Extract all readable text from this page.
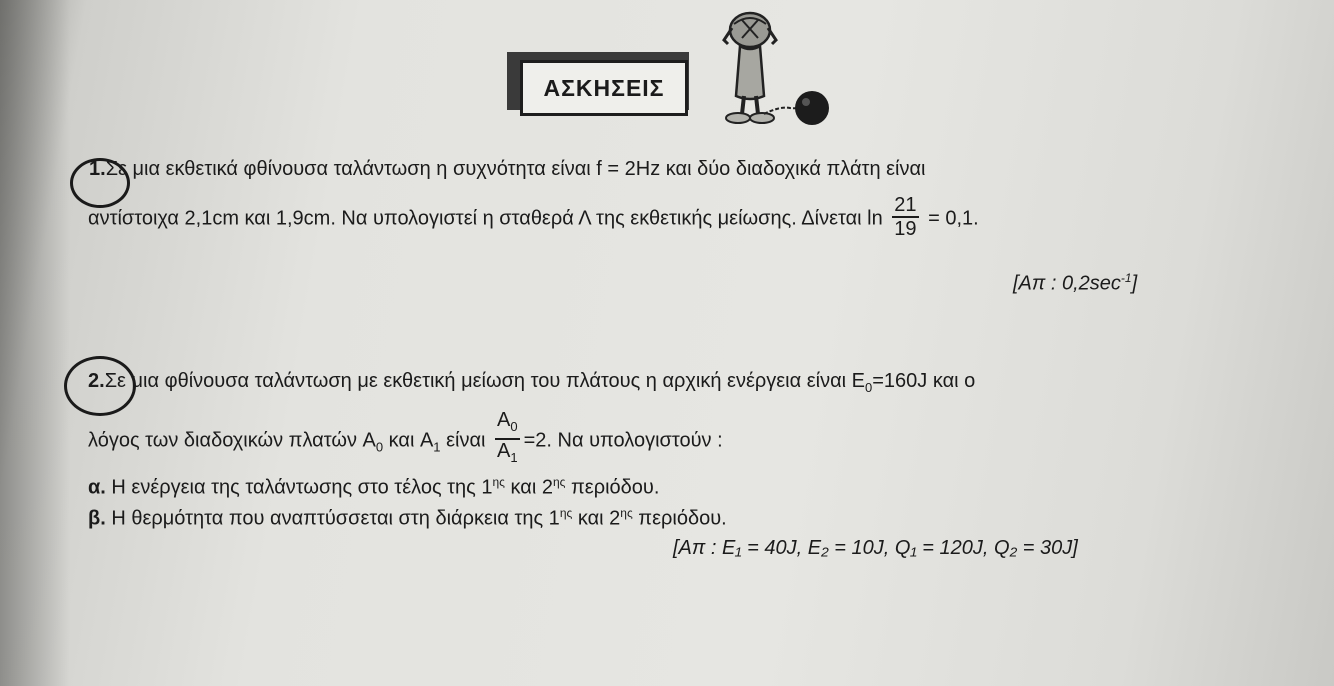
ΑΣΚΗΣΕΙΣ
1.Σε μια εκθετικά φθίνουσα ταλάντωση η συχνότητα είναι f = 2Hz και δύο διαδοχικά πλάτη είναι
αντίστοιχα 2,1cm και 1,9cm. Να υπολογιστεί η σταθερά Λ της εκθετικής μείωσης. Δίνεται $\ln \frac{21}{19} = 0,1$.
[Απ : $0,2\sec^{-1}$]
2.Σε μια φθίνουσα ταλάντωση με εκθετική μείωση του πλάτους η αρχική ενέργεια είναι $E_0=160J$ και ο
λόγος των διαδοχικών πλατών $A_0$ και $A_1$ είναι $\frac{A_0}{A_1} =2$. Να υπολογιστούν :
α. Η ενέργεια της ταλάντωσης στο τέλος της $1^{\eta\varsigma}$ και $2^{\eta\varsigma}$ περιόδου.
β. Η θερμότητα που αναπτύσσεται στη διάρκεια της $1^{\eta\varsigma}$ και $2^{\eta\varsigma}$ περιόδου.
[Απ : E₁ = 40J, E₂ = 10J, Q₁ = 120J, Q₂ = 30J]
